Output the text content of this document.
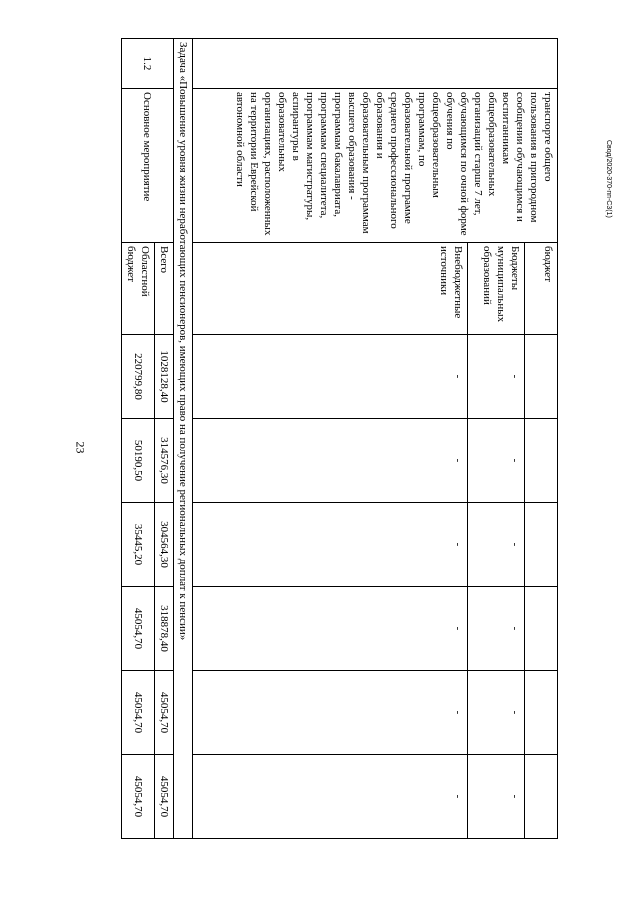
23
Свод/2020-370-пп-С3(1)
	транспорте общего пользования в пригородном сообщении обучающимся и воспитанникам общеобразовательных организаций старше 7 лет, обучающимся по очной форме обучения по общеобразовательным программам, по образовательной программе среднего профессионального образования и образовательным программам высшего образования - программам бакалавриата, программам специалитета, программам магистратуры, аспирантуры в образовательных организациях, расположенных на территории Еврейской автономной области	бюджет						
		Бюджеты муниципальных образований	-	-	-	-	-	-
		Внебюджетные источники	-	-	-	-	-	-
Задача «Повышение уровня жизни неработающих пенсионеров, имеющих право на получение региональных доплат к пенсии»								
1.2	Основное мероприятие	Всего	1028128,40	314576,30	304564,30	318878,40	45054,70	45054,70
		Областной бюджет	220799,80	50190,50	35445,20	45054,70	45054,70	45054,70
